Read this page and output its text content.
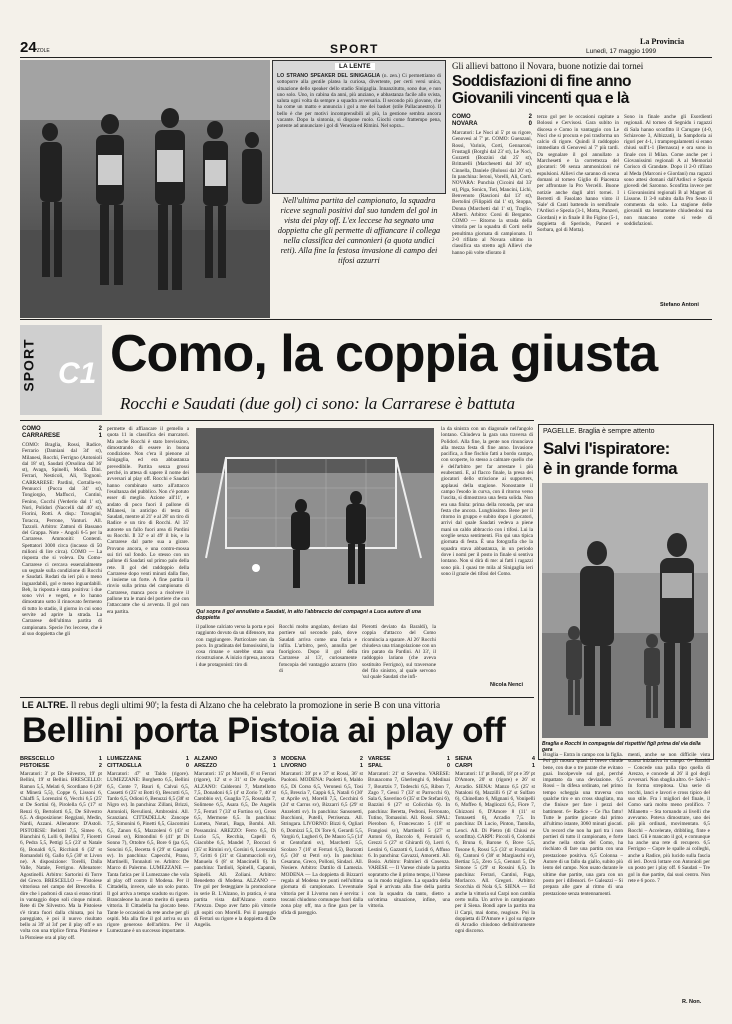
24ZOLE	SPORT
La Provincia
Lunedì, 17 maggio 1999
LA LENTE
LO STRANO SPEAKER DEL SINIGAGLIA (n. zen.) Ci permettiamo di sottoporre alla gentile platea la curiosa, divertente, per certi versi unica, situazione dello speaker dello stadio Sinigaglia. Innanzitutto, sono due, e non uno solo. Uno, in cabina da anni, più anziano, e abbastanza facile allo svista, saluta ogni volta da sempre a squadra avversaria. Il secondo più giovane, che ha come un matto e annuncia i gol a me dei basket (stile Pallacanestro). Il bello è che per motivi incomprensibili al più, la gestione sembra ancora vacante. Dopo la sintonia, si dispone ruolo. Giochi come frattempo pena, potente ad annunciare i gol di Venezia ed Rimini. Nel sopra...
Nell'ultima partita del campionato, la squadra riceve segnali positivi dal suo tandem del gol in vista dei play off. L'ex leccese ha segnato una doppietta che gli permette di affiancare il collega nella classifica dei cannonieri (a quota undici reti). Alla fine la festosa invasione di campo dei tifosi azzurri
Gli allievi battono il Novara, buone notizie dai tornei
Soddisfazioni di fine anno
Giovanili vincenti qua e là
COMO	2
NOVARA	0
Marcatori: Le Noci al 5' pt su rigore, Genovesi al 7' pt. COMO: Guenzani, Rossi, Varinis, Corti, Gennaroni, Frustagli (Borghi dal 23' st), Le Noci, Gozzetti (Bozzini dal 25' st), Brittarelli (Marchesetti dal 30' st), Cinnella, Daniele (Bolossi dal 20' st). In panchina: Ieroni, Vorelli, Ali, Corti. NOVARA: Punchia (Cicoini dal 33' st), Piga, Sonicn, Toti, Mancini, Lichi, Benvenuto (Rascioni dal 13' st), Bertolini (Filippidi dal 1' st), Stoppa, Donna (Marchetti dal 1' st), Traglio, Alberti. Arbitro: Corsi di Bergamo. COMO — Ritorno la strada della vittoria per la squadra di Corti nelle penultima giornata di campionato. Il 2-0 rifilato al Novara ultimo in classifica sta stretto agli Allievi che hanno più volte sfiorato il
terzo gol per le occasioni capitate a Bolossi e Cervisosi. Gara subito in discesa e Como in vantaggio con Le Noci che si procura e poi trasforma un calcio di rigore. Quindi il raddoppio immediato di Genovesi al 7' più tardi. Da segnalare il gol annullato a Marchesetti e la correttezza del giocatori: 90 senza ammonizioni né espulsioni. Allievi che saranno di scena domani al torneo Giglio di Piacenza per affrontare la Pro Vercelli. Buone notizie anche dagli altri tornei. I Berretti di Fasolato hanno vinto il 'Sale' di Canti battendo in semifinale l'Ardisci e Spezia (3-1, Motta, Panzeri, Giordani) e in finale il Bo Figino (5-1, doppietta di Sperindo, Panzeri e Sorbara, gol di Motta).
Sono in finale anche gli Esordienti regionali. Al torneo di Segnidu i ragazzi di Sala hanno sconfitto il Carugate (4-0, Schiavone 3, Albizzati), la Sampdoria ai rigori per 4-1, i trampregalamenti si erano chiusi sull'1-1 (Bernasca) e ora sono in finale con il Milan. Come anche per i Giovanissimi regionali A al Memorial Corisco di Grandate. Dopo il 2-0 rifilato al Meda (Marconi e Giordani) ma ragazzi sono attesi domani dall'Ardisci e Spezia giovedì del Saronno. Sconfitta invece per i Giovanissimi regionali B al Magnet di Lissone. Il 3-0 subito dalla Pro Sesto il commenta da solo. La stagione delle giovanili sta lentamente chiudendosi ma non mancano come si vede di soddisfazioni.
Stefano Antoni
SPORT C1 Como, la coppia giusta
Rocchi e Saudati (due gol) ci sono: la Carrarese è battuta
COMO	2
CARRARESE	1
COMO: Braglia, Rossi, Radice, Ferrario (Damiani dal 34' st), Milanesi, Rocchi, Ferrigno (Antonioli dal 18' st), Saudati (Orsolina dal 36' st), Avagn, Spinelli, Modà. Dini. Ferrari, Nesticoli, Ali, Tognoni. CARRARESE: Pardini, Cortalla-ve, Pennucci (Pucca dal 34' st), Tongiorgio, Maffucci, Contini, Fenino, Cucchi (Verderio dal 1' st), Nori, Polidori (Naccelli dal 40' st), Fiorini, Rotti. A disp.: Travagini, Toracca, Perrone, Vanturi. All. Tazzoli. Arbitro: Zattoni di Bassano del Grappa. Note - Angoli 6-5 per la Carrarese. Ammoniti: Contenti. Spettatori 3000 circa (incasso di 50 milioni di lire circa). COMO — La risposta che si voleva. Da Como-Carrarese ci cercava essenzialmente un segnale sulla condizione di Rocchi e Saudati. Rodati da ieri più o meno inguardabili, gol e meno inguardabili. Beh, la risposta è stata positiva: i due sono vivi e vegeti, e lo hanno dimostrato sotto il rinnovato fermento di tutto lo stadio, il giorno in cui sono servite ad aprire la strada. La Carrarese dell'ultima partita di campionato. Specie l'ex leccese, che è al suo doppietta che gli
permette di affiancare il gemello a quota 11 in classifica dei marcatori. Ma anche Rocchi è stato brevissimo, dimostrando di essere in buona condizione. Non c'era il pienone al Sinigaglia, ed era abbastanza prevedibile. Partita senza grossi perché, in attesa di sapere il nome dei avversari al play off. Rocchi e Saudati hanno combinato sotto all'attacco l'esultanza del pubblico. Non c'è potuto esser di meglio. Azione all'11', e andato di poco fuori il pallone di Milanesi, in anticipo di testa di Saudati, mentre al 21' e al 28' un tiro di Radice e un tiro di Rocchi. Al 35' autorete un fallo fuori area di Pardini su Rocchi. Il 32' e al 49' il bis, e la Carrarese dal parte sua a girare. Provano ancora, e una contro-mossa sui tiri sul fondo. Lo stesso con un pallone di Saudati sul primo palo della rete. Il gol del raddoppio della Carrarese dopo venti minuti dalla fine, e insieme un forte. A fine partita il rinvio sulla prima del campionato di Carrarese, manca poco a risolvere il pallone tra le mani del portiere che con l'attaccante che si avventa. Il gol non era partita.	Qui sopra il gol annullato a Saudati, in alto l'abbraccio dei compagni a Luca autore di una doppietta
il pallone calciato verso la porta e poi raggiunto dovuto da un difensore, ma con raggiungere. Particolare non da poco. In gradinata del famosissimi, la cosa rimane e sarebbe stata una ricostruzione. A inizio ripresa, ancora i due protagonisti: tiro di
Rocchi molto angolato, deviato dal portiere sul secondo palo, dove Saudati arriva come una furia e infila. L'arbitro, però, annulla per fuorigioco. Dopo il gol della Carrarese al 13', curiosamente fotocopia del vantaggio azzurro (tiro di
Pierotti deviato da Baraldi), la coppia d'attacco del Como ricomincia a sparare. Al 26' Rocchi chiudeva una triangolazione con un tiro parato da Pardini. Al 33', il raddoppio lariano (che aveva sostituito Ferrigno), sul traversone del filo sinistro, al quale servono 'sul quale Saudati che infi-
la da sinistra con un diagonale nell'angolo lontano. Chiudeva la gara una traversa di Polidori. Alla fine, la gente non rinunciava alla mezza festa di fine anno. Invasione pacifica, a fine fischio fatti a bordo campo, con scoperte, lo stesso a calmare quello che è dell'arbitro per far arrestare i più esuberanti. E, al flacco finale, la presa dei giocatori dello striscione ai supporters, applausi della stagione. Nonostante il campo l'esodo in curva, con il ritorno verso l'uscita, si dimostrava una festa solida. Non era una finita: prima della rotonda, per una festa che ancora. Lunghissimo. Bene per il ritorno in gruppo e subito dopo i giocatori, arrivi dal quale Saudati vedeva a piene mani un caldo abbraccio con i tifosi. Lui la sceglie senza sentimenti. Fin qui una tipica giornata di festa. È una fotografia che la squadra stava abbastanza, in un periodo dove i nomi per il posto in finale si sentiva lontano. Non si dirà di me: ai fatti i ragazzi sono più. I quasi tre mila al Sinigaglia ieri sono il grazie dei tifosi del Como.
Nicola Nenci
PAGELLE. Braglia è sempre attento
Salvi l'ispiratore:
è in grande forma
Braglia e Rocchi in compagnia del rispettivi figli prima del via della gara
Braglia – Entra in campo con la figlia. Poi gli mostra quasi il breve chiude bene, con due o tre parate che evitano guai. Incolpevole sul gol, perché impattato da una deviazione. 6,5 Rossi – In difesa ordinato, nel primo tempo scheggia una traversa con qualche tiro e un cross sbagliato, ma che finisce per fare i pezzi del battiment. 6+ Radice – Ce l'ha fatto! Tutte le partite giocate dal primo all'ultimo istante, 3060 minuti giocati. Un record che non ha pari tra i non portieri di tutto il campionato, e forte anche nella storia del Como, ha rischiato di fare una partita con una prestazione positiva. 6,5 Colonna – Autore di un fallo da giallo, subito più lento del campo. Non usato durante le ultime due partite, una gara con un posto per i difensori. 6+ Galeazzi – Si prepara alle gare al ritmo di una prestazione senza tentennamenti.
menti, anche se non difficile vista scarsa iniziativa in campo. 6+ Baraldi – Concede una palla tipo quella di Arezzo, e concede al 26' il gol degli avversari. Non sbaglia altro. 6+ Salvi – In forma strepitosa. Una serie di tocchi, lanci e lavori e cross tipico del suo stile. Fra i migliori del finale, il Como sarà molto meno prolifico. 7 Milanetto – Sta tornando ai livelli che avevamo. Poteva dimostrare, uno dei più più ordinati, movimentato. 6,5 Rocchi – Accelerate, dribbling, finte e lanci. Gli è mancato il gol, e comunque ha anche una rete di recupero. 6,5 Ferrigno – Copre le spalle ai colleghi, anche a Radice, più lucido sulla fascia di ieri. Dovrà lottare con Antonioli per un posto per i play off. 6 Saudati – Tre gol in due partite, dai suoi centro. Non rete e 6 poco. 7
R. Non.
LE ALTRE. Il rebus degli ultimi 90'; la festa di Alzano che ha celebrato la promozione in serie B con una vittoria
Bellini porta Pistoia ai play off
BRESCELLO	1
PISTOIESE	2
Marcatori: 3' pt De Silvestro, 19' pt Bellini, 19' st Bellini. BRESCELLO: Ramon 5,5, Melati 6, Scordiano 6 (28' st Minerà 5,5), Coppe 6, Lissoni 6, Chiaffi 5, Lorenzini 6, Vecchi 6,5 (25' st De Sortini 6), Pirolella 6,5 (17' st Renzi 6), Bertolotti 6,5, De Silvestro 6,5. A disposizione: Reggiani, Medin, Nardi, Azzani. Allenatore: D'Astoli. PISTOIESE: Bellotti 7,5, Simeo 6, Bianchini 6, Lolli 6, Bellini 7, Fioretti 6, Pedra 5,5, Pettigi 5,5 (23' st Natale 6), Bonaldi 6,5, Ricchiuti 6 (32' st Romandoli 6), Gallo 6,5 (30' st Livon ne). A disposizione: Torelli, Dalla Valle, Natale, Ferrigno. Allenatore: Agostinelli. Arbitro: Sartorini di Torre del Greco. BRESCELLO — Pistoiese vittoriosa nel campo del Brescello. E dire che i padroni di casa si erano tirati in vantaggio dopo soli cinque minuti. Rete di De Silvestro. Ma la Pistoiese s'è tirata fuori dalla chinata, poi ha pareggiato, è poi il nuovo risultato bello ai 39' al 34' per il play off e un volta con una triplice firma. Pistoiese e la Pistoiese ora al play off.
LUMEZZANE	1
CITTADELLA	0
Marcatori: 47' st Taldo (rigore). LUMEZZANE: Borghetto 6,5, Bellini 6,5, Conte 7, Bauri 6, Calvai 6,5, Cassetti 6 (25' st Botti 6), Bescotti 6,5, Tardo 6,5, Odioni 6, Benuzzi 6,5 (38' st Nigro sv). In panchina: Zillani, Brizzi, Antonioli, Revulioni, Ambrosini. All. Scanziani. CITTADELLA: Zancope 7,5, Simonini 6, Pinetti 6,5, Giacomini 6,5, Zanon 6,5, Mazzoleni 6 (43' st Greasi sv), Rimondini 6 (41' pt Di Sonno 7), Ottobre 6,5, Bore 6 (pa 6,5, Soncini 6,5, Becetta 6 (29' st Gaspari sv). In panchina: Capecchi, Pranu, Martinelli, Tonnaluti ve. Arbitro: De Marco di Palermo. LUMEZZANE — Tanta fatica per il Lumezzane che vola al play off contro il Modena. Per il Cittadella, invece, sale un solo punto. Il gol arriva a tempo scaduto su rigore. Brancaleone ha avuto merito di questa vittoria. Il Cittadella ha giocato bene. Tante le occasioni da rete anche per gli ospiti. Ma alla fine il gol arriva su un rigore generoso dell'arbitro. Per il Lumezzane è un successo importante.
ALZANO	3
AREZZO	1
Marcatori: 15' pt Morelli, 6' st Ferrari (rigore), 12' st e 31' st De Angelis. ALZANO: Calderoni 7, Martellotto 7,5, Donadoni 6,5 (4' st Zorio 7, 40' st Carobbio sv), Guaglia 7,5, Rossalda 7, Solimene 6,5, Asara 6,5, De Angelis 7,5, Ferrari 7 (33' st Fortino sv), Gross 6,5, Mermone 6,5. In panchina: Lumeta, Notari, Baga, Bombi. All. Possanzini. AREZZO: Ferro 6,5, Di Lucio 5,5, Recchia, Capelli 6, Giacobbe 6,5, Mandel 7, Boccaci 6 (35' st Rimini sv), Corsini 6, Lorenzini 7, Gritti 6 (31' st Giammaccioli sv), Manuela 6 (8' st Mancinelli 6). In panchina: Tardioli, Spinelli, Capanni, Spinelli. All. Zoliani. Arbitro: Benedetto di Modena. ALZANO — Tre gol per festeggiare la promozione in serie B. L'Alzano, in pratica, è una partita vista dall'Alzano contro l'Arezzo. Dopo aver fatto più vittorie gli ospiti con Morelli. Poi il pareggio di Ferrari su rigore e la doppietta di De Angelis.
MODENA	2
LIVORNO	1
Marcatori: 39' pt e 37' st Rossi, 36' st Paoloni. MODENA: Paoletti 6, Maldo 6,5, Di Corso 6,5, Veronesi 6,5, Tosi 6,5, Brescia 7, Cappù 6,5, Natali 6 (30' st Aprile sv), Morelli 7,5, Cecchini 6 (24' st Carrus sv), Bizzarri 6,5 (29' st Anzelotti sv). In panchina: Sansonetti, Bucchioni, Putelli, Petrisenza. All. Stringara. LIVORNO: Bizzi 6, Ogliari 6, Domizzi 5,5, Di Tore 6, Gerardi 5,5, Vargiù 6, Lugheri 6, De Mauro 5,5 (14' st Centofanti sv), Marchetti 5,5, Scolaro 7 (16' st Ferrari 6,5), Borzotti 6,5 (30' st Petri sv). In panchina: Cesarano, Greco, Polloni, Sindaci. All. Nosiere. Arbitro: Dattilo di Lamezia. MODENA — La doppietta di Bizzarri regala al Modena tre punti nell'ultima giornata di campionato. L'eventuale vittoria per il Livorno non è servita: i toscani chiudono comunque fuori dalla zona play off, ma a fine gara per la sfida di pareggio.
VARESE	1
SPAL	0
Marcatori: 21' st Saverino. VARESE: Brunacomo 7, Gherlenghi 6, Medinai 7, Bourtzis 7, Todeschi 6,5, Ribon 7, Zago 7, Gessi 7 (33' st Parrocchi 6), Sala 6, Saverino 6 (35' st De Stefani 6), Bazzini 6 (27' st Colicchia 6). In panchina: Beretta, Pedroni, Ferronato, Tutino, Tomassini. All. Rossi. SPAL: Pierobon 6, Francescato 5 (18' st Frangiosi sv), Martinelli 5 (27' st Antoni 6), Baccolo 6, Ferraioli 6, Grezzi 5 (27' st Ghirardi 6), Lerri 6, Lestini 6, Gazzotti 6, Lucidi 6, Affuso 6. In panchina: Gavazzi, Amoretti. All. Bosio. Arbitro: Palmieri di Cosenza. VARESE — Il Varese chiude la partita sopratutto che il primo tempo, il Varese sa in modo migliore. La squadra della Spal è arrivata alla fine della partita con la squadra da tanto, dietro a un'ottima situazione, infine, una vittoria.
SIENA	4
CARPI	1
Marcatori: 11' pt Bondi, 18' pt e 39' pt D'Amore, 20' st (rigore) e 26' st Arcadio. SIENA: Manzo 6,5 (25' st Nataloni 6), Mazzilli 6 (2' st Sulfaro 6), Chinellato 6, Mignani 6, Vonipelli 6, Moffeo 6, Magliozzi 6,5, Fiore 7, Ghizzoni 6, D'Amore 8 (11' st Tomasetti 6), Arcadio 7,5. In panchina: Di Lucio, Pinton, Tantolla, Lenci. All. Di Pietro (di Chiusi ne sconfitta). CARPI: Piccoli 6, Colombi 6, Bruna 6, Barone 6, Bove 5,5, Tosone 6, Rossi 5,5 (33' st Frontalini 6), Cantoni 6 (38' st Margiaschi sv), Bertiaz 5,5, Zero 5,5, Gennari 5, De Simone 5 (29' st Rossini 6,5). In panchina: Ferrari, Cantini, Fuga, Morlacco. All. Gregori. Arbitro: Scocchia di Nola 6,5. SIENA — Ed anche la vittoria sul Carpi non cambia certo nulla. Un arrivo in campionato per il Siena. Bondi apre la partita ma il Carpi, mai domo, reagisce. Poi la doppietta di D'Amore e i gol su rigore di Arcadio chiudono definitivamente ogni discorso.
